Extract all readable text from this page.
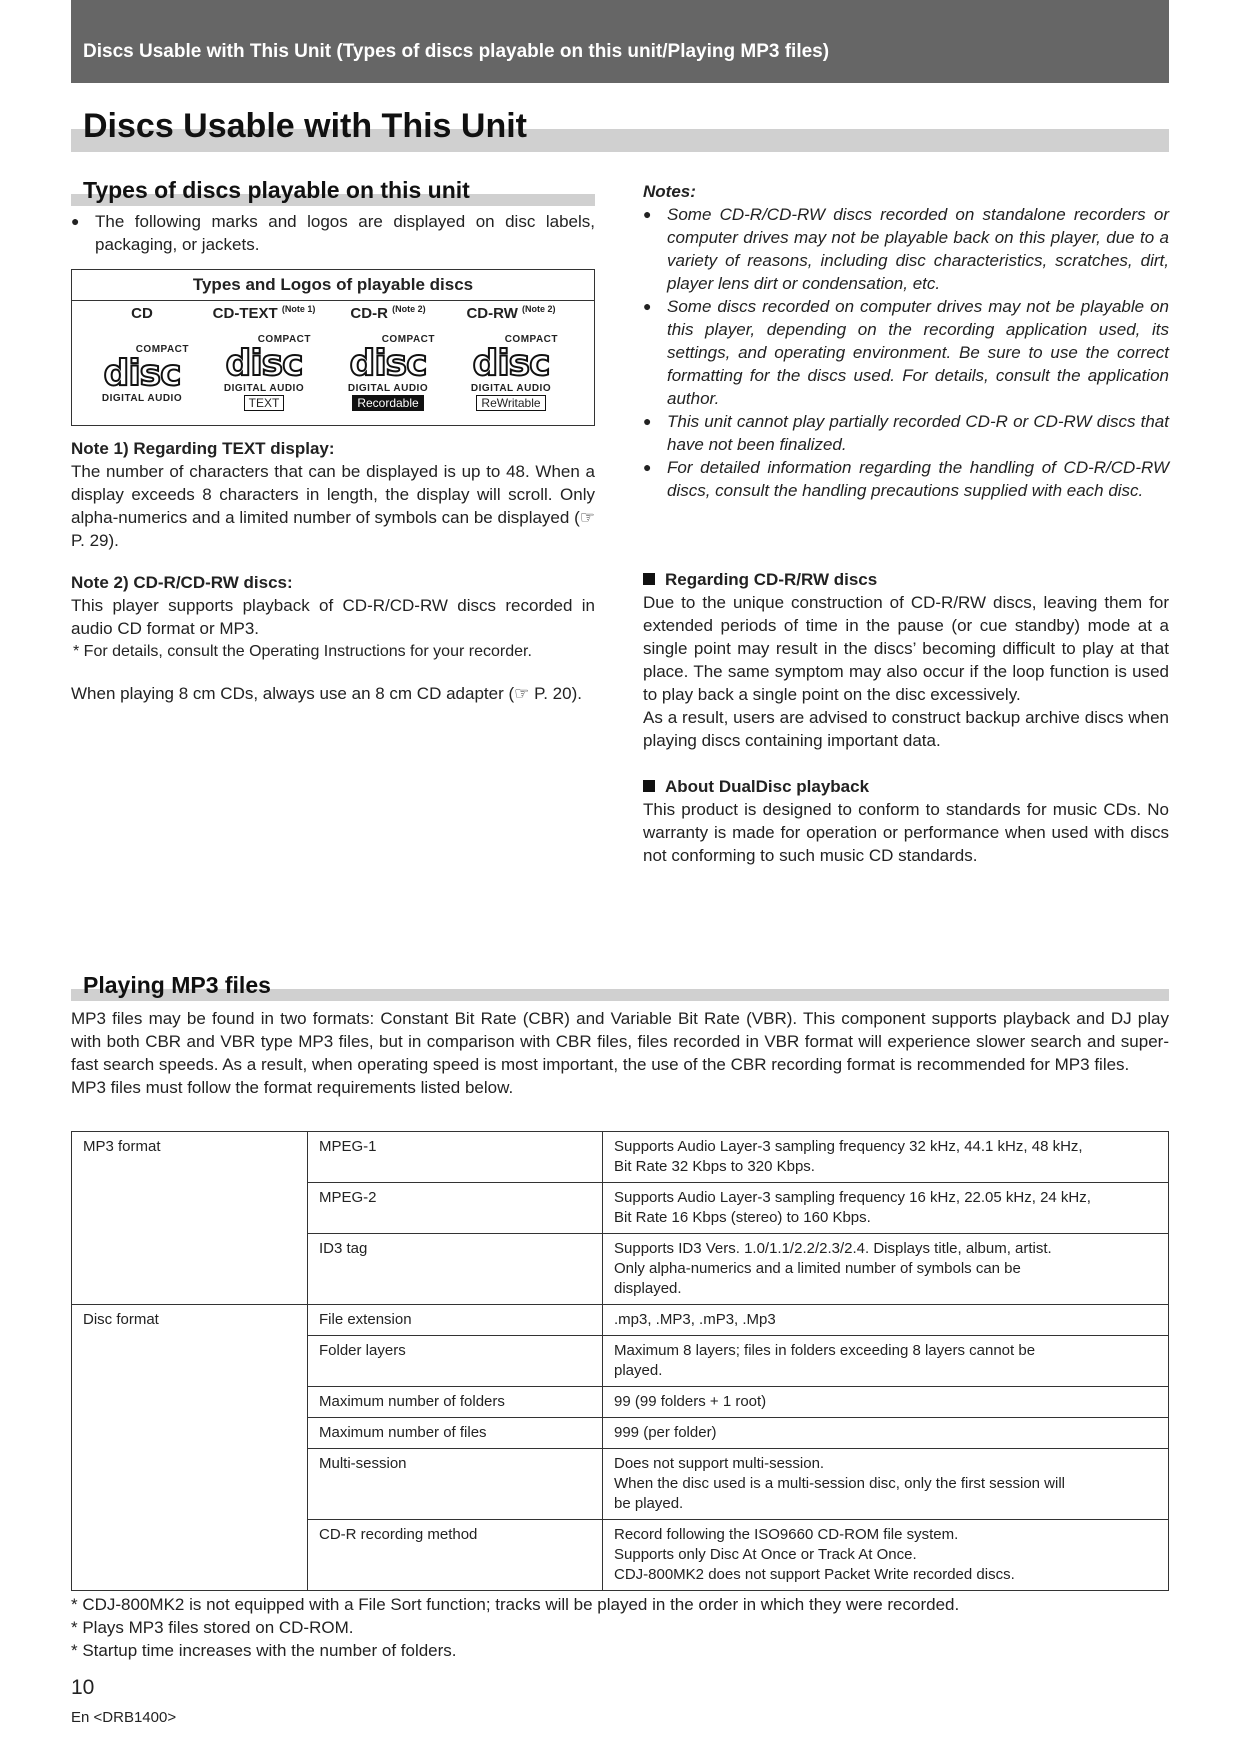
Discs Usable with This Unit (Types of discs playable on this unit/Playing MP3 files)
Discs Usable with This Unit
Types of discs playable on this unit
● The following marks and logos are displayed on disc labels, packaging, or jackets.
Types and Logos of playable discs
CD
COMPACT
disc
DIGITAL AUDIO
CD-TEXT $^{(Note 1)}$
COMPACT
disc
DIGITAL AUDIO
TEXT
CD-R $^{(Note 2)}$
COMPACT
disc
DIGITAL AUDIO
Recordable
CD-RW $^{(Note 2)}$
COMPACT
disc
DIGITAL AUDIO
ReWritable
Note 1) Regarding TEXT display:
The number of characters that can be displayed is up to 48. When a display exceeds 8 characters in length, the display will scroll. Only alpha-numerics and a limited number of symbols can be displayed (☞ P. 29).
Note 2) CD-R/CD-RW discs:
This player supports playback of CD-R/CD-RW discs recorded in audio CD format or MP3.
* For details, consult the Operating Instructions for your recorder.
When playing 8 cm CDs, always use an 8 cm CD adapter (☞ P. 20).
Notes:
● Some CD-R/CD-RW discs recorded on standalone recorders or computer drives may not be playable back on this player, due to a variety of reasons, including disc characteristics, scratches, dirt, player lens dirt or condensation, etc.
● Some discs recorded on computer drives may not be playable on this player, depending on the recording application used, its settings, and operating environment. Be sure to use the correct formatting for the discs used. For details, consult the application author.
● This unit cannot play partially recorded CD-R or CD-RW discs that have not been finalized.
● For detailed information regarding the handling of CD-R/CD-RW discs, consult the handling precautions supplied with each disc.
Regarding CD-R/RW discs
Due to the unique construction of CD-R/RW discs, leaving them for extended periods of time in the pause (or cue standby) mode at a single point may result in the discs’ becoming difficult to play at that place. The same symptom may also occur if the loop function is used to play back a single point on the disc excessively.
As a result, users are advised to construct backup archive discs when playing discs containing important data.
About DualDisc playback
This product is designed to conform to standards for music CDs. No warranty is made for operation or performance when used with discs not conforming to such music CD standards.
Playing MP3 files
MP3 files may be found in two formats: Constant Bit Rate (CBR) and Variable Bit Rate (VBR). This component supports playback and DJ play with both CBR and VBR type MP3 files, but in comparison with CBR files, files recorded in VBR format will experience slower search and super-fast search speeds. As a result, when operating speed is most important, the use of the CBR recording format is recommended for MP3 files.
MP3 files must follow the format requirements listed below.
MP3 format	MPEG-1	Supports Audio Layer-3 sampling frequency 32 kHz, 44.1 kHz, 48 kHz,
Bit Rate 32 Kbps to 320 Kbps.
	MPEG-2	Supports Audio Layer-3 sampling frequency 16 kHz, 22.05 kHz, 24 kHz,
Bit Rate 16 Kbps (stereo) to 160 Kbps.
	ID3 tag	Supports ID3 Vers. 1.0/1.1/2.2/2.3/2.4. Displays title, album, artist.
Only alpha-numerics and a limited number of symbols can be
displayed.
Disc format	File extension	.mp3, .MP3, .mP3, .Mp3
	Folder layers	Maximum 8 layers; files in folders exceeding 8 layers cannot be
played.
	Maximum number of folders	99 (99 folders + 1 root)
	Maximum number of files	999 (per folder)
	Multi-session	Does not support multi-session.
When the disc used is a multi-session disc, only the first session will
be played.
	CD-R recording method	Record following the ISO9660 CD-ROM file system.
Supports only Disc At Once or Track At Once.
CDJ-800MK2 does not support Packet Write recorded discs.
* CDJ-800MK2 is not equipped with a File Sort function; tracks will be played in the order in which they were recorded.
* Plays MP3 files stored on CD-ROM.
* Startup time increases with the number of folders.
10
En <DRB1400>
